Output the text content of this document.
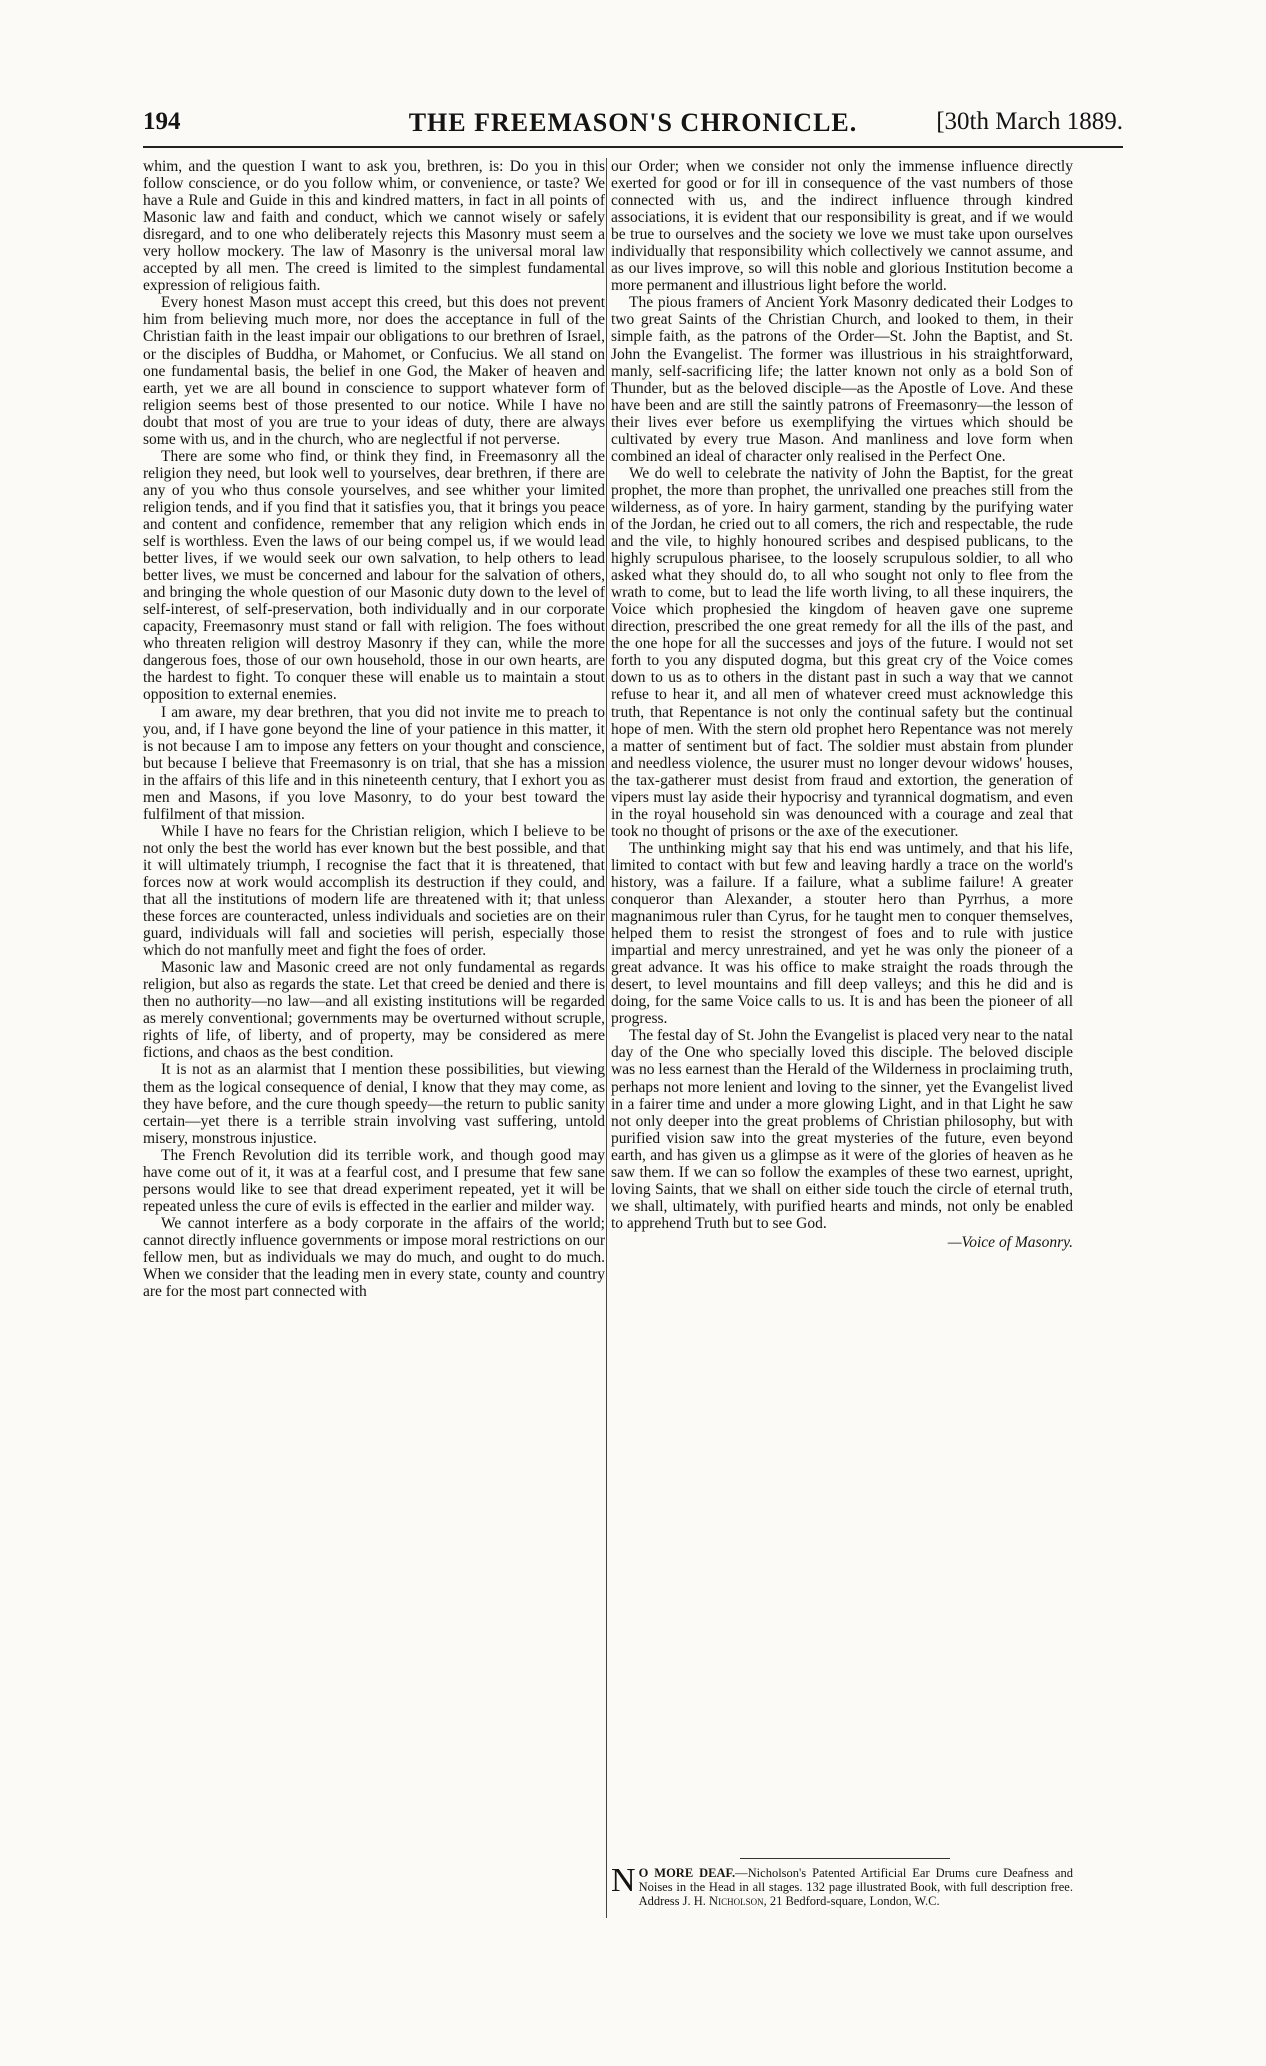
194	THE FREEMASON'S CHRONICLE.	[30th March 1889.

whim, and the question I want to ask you, brethren, is: Do you in this follow conscience, or do you follow whim, or convenience, or taste? We have a Rule and Guide in this and kindred matters, in fact in all points of Masonic law and faith and conduct, which we cannot wisely or safely disregard, and to one who deliberately rejects this Masonry must seem a very hollow mockery. The law of Masonry is the universal moral law accepted by all men. The creed is limited to the simplest fundamental expression of religious faith.

Every honest Mason must accept this creed, but this does not prevent him from believing much more, nor does the acceptance in full of the Christian faith in the least impair our obligations to our brethren of Israel, or the disciples of Buddha, or Mahomet, or Confucius. We all stand on one fundamental basis, the belief in one God, the Maker of heaven and earth, yet we are all bound in conscience to support whatever form of religion seems best of those presented to our notice. While I have no doubt that most of you are true to your ideas of duty, there are always some with us, and in the church, who are neglectful if not perverse.

There are some who find, or think they find, in Freemasonry all the religion they need, but look well to yourselves, dear brethren, if there are any of you who thus console yourselves, and see whither your limited religion tends, and if you find that it satisfies you, that it brings you peace and content and confidence, remember that any religion which ends in self is worthless. Even the laws of our being compel us, if we would lead better lives, if we would seek our own salvation, to help others to lead better lives, we must be concerned and labour for the salvation of others, and bringing the whole question of our Masonic duty down to the level of self-interest, of self-preservation, both individually and in our corporate capacity, Freemasonry must stand or fall with religion. The foes without who threaten religion will destroy Masonry if they can, while the more dangerous foes, those of our own household, those in our own hearts, are the hardest to fight. To conquer these will enable us to maintain a stout opposition to external enemies.

I am aware, my dear brethren, that you did not invite me to preach to you, and, if I have gone beyond the line of your patience in this matter, it is not because I am to impose any fetters on your thought and conscience, but because I believe that Freemasonry is on trial, that she has a mission in the affairs of this life and in this nineteenth century, that I exhort you as men and Masons, if you love Masonry, to do your best toward the fulfilment of that mission.

While I have no fears for the Christian religion, which I believe to be not only the best the world has ever known but the best possible, and that it will ultimately triumph, I recognise the fact that it is threatened, that forces now at work would accomplish its destruction if they could, and that all the institutions of modern life are threatened with it; that unless these forces are counteracted, unless individuals and societies are on their guard, individuals will fall and societies will perish, especially those which do not manfully meet and fight the foes of order.

Masonic law and Masonic creed are not only fundamental as regards religion, but also as regards the state. Let that creed be denied and there is then no authority—no law—and all existing institutions will be regarded as merely conventional; governments may be overturned without scruple, rights of life, of liberty, and of property, may be considered as mere fictions, and chaos as the best condition.

It is not as an alarmist that I mention these possibilities, but viewing them as the logical consequence of denial, I know that they may come, as they have before, and the cure though speedy—the return to public sanity certain—yet there is a terrible strain involving vast suffering, untold misery, monstrous injustice.

The French Revolution did its terrible work, and though good may have come out of it, it was at a fearful cost, and I presume that few sane persons would like to see that dread experiment repeated, yet it will be repeated unless the cure of evils is effected in the earlier and milder way.

We cannot interfere as a body corporate in the affairs of the world; cannot directly influence governments or impose moral restrictions on our fellow men, but as individuals we may do much, and ought to do much. When we consider that the leading men in every state, county and country are for the most part connected with

our Order; when we consider not only the immense influence directly exerted for good or for ill in consequence of the vast numbers of those connected with us, and the indirect influence through kindred associations, it is evident that our responsibility is great, and if we would be true to ourselves and the society we love we must take upon ourselves individually that responsibility which collectively we cannot assume, and as our lives improve, so will this noble and glorious Institution become a more permanent and illustrious light before the world.

The pious framers of Ancient York Masonry dedicated their Lodges to two great Saints of the Christian Church, and looked to them, in their simple faith, as the patrons of the Order—St. John the Baptist, and St. John the Evangelist. The former was illustrious in his straightforward, manly, self-sacrificing life; the latter known not only as a bold Son of Thunder, but as the beloved disciple—as the Apostle of Love. And these have been and are still the saintly patrons of Freemasonry—the lesson of their lives ever before us exemplifying the virtues which should be cultivated by every true Mason. And manliness and love form when combined an ideal of character only realised in the Perfect One.

We do well to celebrate the nativity of John the Baptist, for the great prophet, the more than prophet, the unrivalled one preaches still from the wilderness, as of yore. In hairy garment, standing by the purifying water of the Jordan, he cried out to all comers, the rich and respectable, the rude and the vile, to highly honoured scribes and despised publicans, to the highly scrupulous pharisee, to the loosely scrupulous soldier, to all who asked what they should do, to all who sought not only to flee from the wrath to come, but to lead the life worth living, to all these inquirers, the Voice which prophesied the kingdom of heaven gave one supreme direction, prescribed the one great remedy for all the ills of the past, and the one hope for all the successes and joys of the future. I would not set forth to you any disputed dogma, but this great cry of the Voice comes down to us as to others in the distant past in such a way that we cannot refuse to hear it, and all men of whatever creed must acknowledge this truth, that Repentance is not only the continual safety but the continual hope of men. With the stern old prophet hero Repentance was not merely a matter of sentiment but of fact. The soldier must abstain from plunder and needless violence, the usurer must no longer devour widows' houses, the tax-gatherer must desist from fraud and extortion, the generation of vipers must lay aside their hypocrisy and tyrannical dogmatism, and even in the royal household sin was denounced with a courage and zeal that took no thought of prisons or the axe of the executioner.

The unthinking might say that his end was untimely, and that his life, limited to contact with but few and leaving hardly a trace on the world's history, was a failure. If a failure, what a sublime failure! A greater conqueror than Alexander, a stouter hero than Pyrrhus, a more magnanimous ruler than Cyrus, for he taught men to conquer themselves, helped them to resist the strongest of foes and to rule with justice impartial and mercy unrestrained, and yet he was only the pioneer of a great advance. It was his office to make straight the roads through the desert, to level mountains and fill deep valleys; and this he did and is doing, for the same Voice calls to us. It is and has been the pioneer of all progress.

The festal day of St. John the Evangelist is placed very near to the natal day of the One who specially loved this disciple. The beloved disciple was no less earnest than the Herald of the Wilderness in proclaiming truth, perhaps not more lenient and loving to the sinner, yet the Evangelist lived in a fairer time and under a more glowing Light, and in that Light he saw not only deeper into the great problems of Christian philosophy, but with purified vision saw into the great mysteries of the future, even beyond earth, and has given us a glimpse as it were of the glories of heaven as he saw them. If we can so follow the examples of these two earnest, upright, loving Saints, that we shall on either side touch the circle of eternal truth, we shall, ultimately, with purified hearts and minds, not only be enabled to apprehend Truth but to see God.

—Voice of Masonry.
N O MORE DEAF.—Nicholson's Patented Artificial Ear Drums cure Deafness and Noises in the Head in all stages. 132 page illustrated Book, with full description free. Address J. H. Nicholson, 21 Bedford-square, London, W.C.
